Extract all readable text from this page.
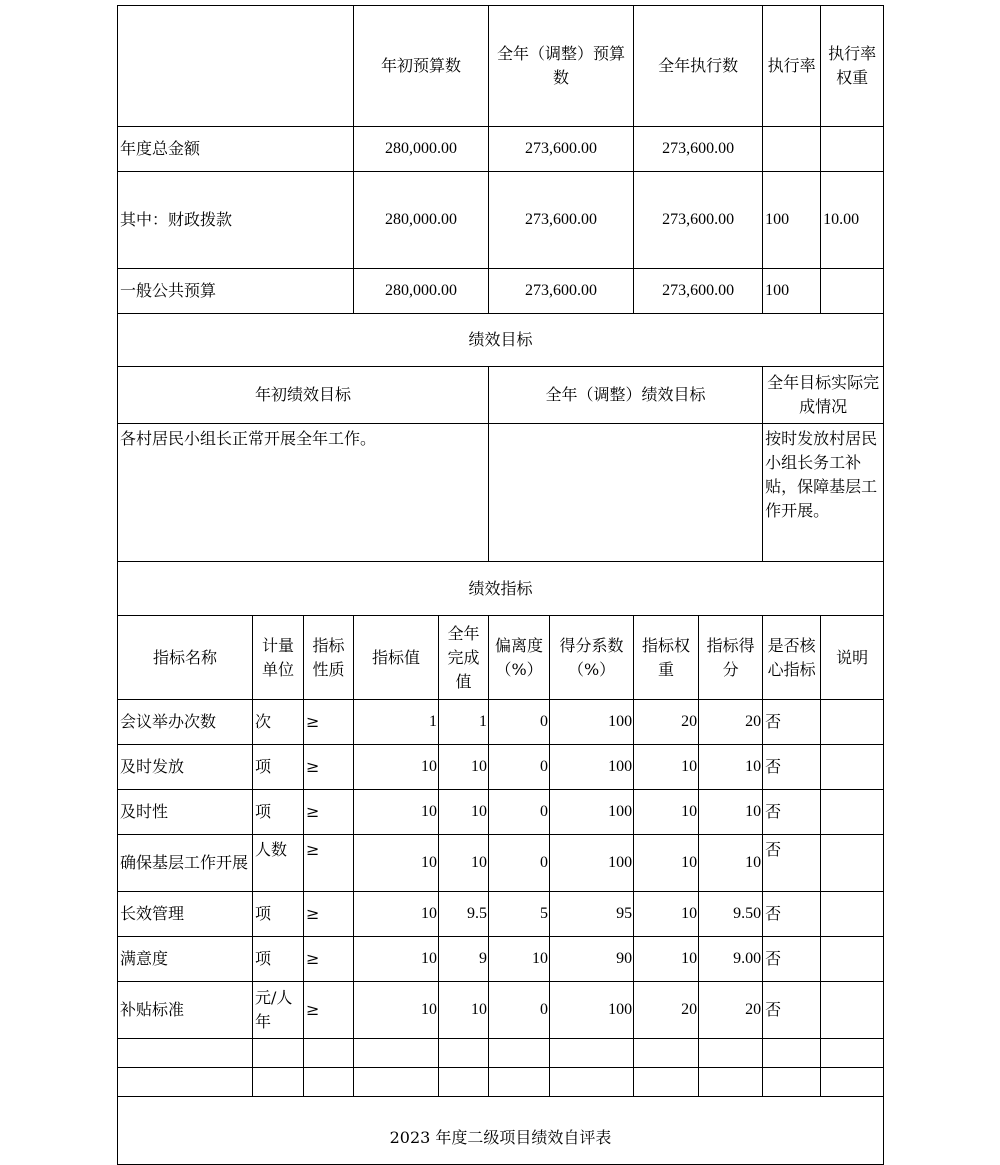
			年初预算数		全年（调整）预算数		全年执行数		执行率	执行率权重	
年度总金额			280,000.00		273,600.00		273,600.00				
其中：财政拨款			280,000.00		273,600.00		273,600.00		100	10.00	
一般公共预算			280,000.00		273,600.00		273,600.00		100		
绩效目标											
年初绩效目标					全年（调整）绩效目标				全年目标实际完成情况		
各村居民小组长正常开展全年工作。									按时发放村居民小组长务工补贴，保障基层工作开展。		
绩效指标											
指标名称	计量单位	指标性质	指标值	全年完成值	偏离度（%）	得分系数（%）	指标权重	指标得分	是否核心指标	说明	
会议举办次数	次	≥	1	1	0	100	20	20	否		
及时发放	项	≥	10	10	0	100	10	10	否		
及时性	项	≥	10	10	0	100	10	10	否		
确保基层工作开展	人数	≥	10	10	0	100	10	10	否		
长效管理	项	≥	10	9.5	5	95	10	9.50	否		
满意度	项	≥	10	9	10	90	10	9.00	否		
补贴标准	元/人年	≥	10	10	0	100	20	20	否		

2023 年度二级项目绩效自评表											
